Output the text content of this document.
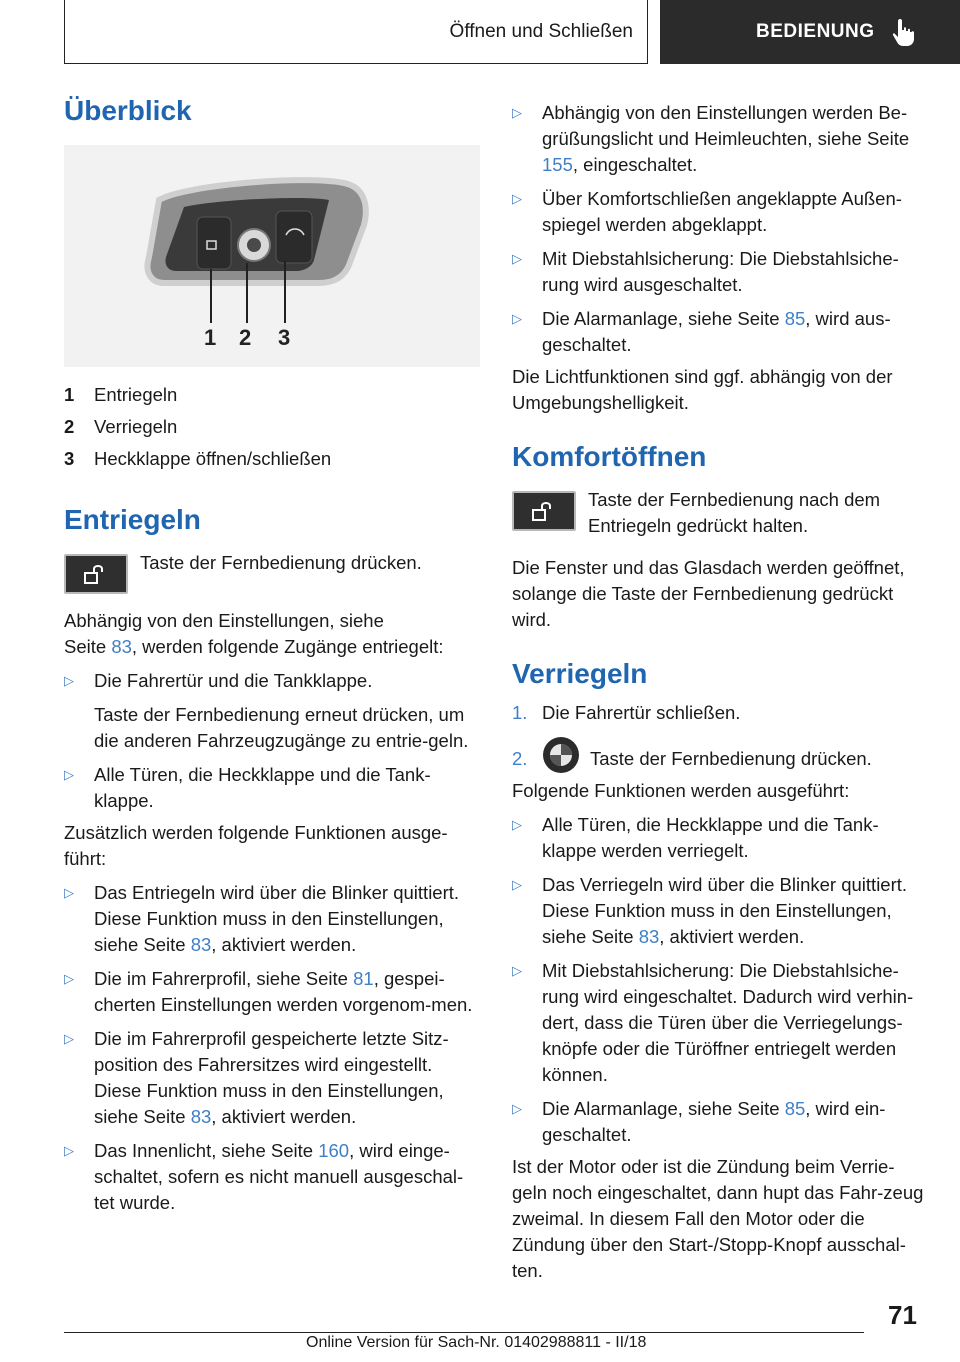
Öffnen und Schließen	BEDIENUNG
Überblick
1 2 3
1	Entriegeln
2	Verriegeln
3	Heckklappe öffnen/schließen
Entriegeln

Taste der Fernbedienung drücken.

Abhängig von den Einstellungen, siehe
Seite 83, werden folgende Zugänge entriegelt:

▷	Die Fahrertür und die Tankklappe.

Taste der Fernbedienung erneut drücken, um die anderen Fahrzeugzugänge zu entrie-geln.

▷	Alle Türen, die Heckklappe und die Tank-klappe.

Zusätzlich werden folgende Funktionen ausge-führt:

▷	Das Entriegeln wird über die Blinker quittiert. Diese Funktion muss in den Einstellungen, siehe Seite 83, aktiviert werden.

▷	Die im Fahrerprofil, siehe Seite 81, gespei-cherten Einstellungen werden vorgenom-men.

▷	Die im Fahrerprofil gespeicherte letzte Sitz-position des Fahrersitzes wird eingestellt. Diese Funktion muss in den Einstellungen, siehe Seite 83, aktiviert werden.

▷	Das Innenlicht, siehe Seite 160, wird einge-schaltet, sofern es nicht manuell ausgeschal-tet wurde.

▷	Abhängig von den Einstellungen werden Be-grüßungslicht und Heimleuchten, siehe Seite 155, eingeschaltet.

▷	Über Komfortschließen angeklappte Außen-spiegel werden abgeklappt.

▷	Mit Diebstahlsicherung: Die Diebstahlsiche-rung wird ausgeschaltet.

▷	Die Alarmanlage, siehe Seite 85, wird aus-geschaltet.

Die Lichtfunktionen sind ggf. abhängig von der Umgebungshelligkeit.

Komfortöffnen

Taste der Fernbedienung nach dem Entriegeln gedrückt halten.

Die Fenster und das Glasdach werden geöffnet, solange die Taste der Fernbedienung gedrückt wird.

Verriegeln
1. Die Fahrertür schließen.

2.	Taste der Fernbedienung drücken.

Folgende Funktionen werden ausgeführt:

▷	Alle Türen, die Heckklappe und die Tank-klappe werden verriegelt.

▷	Das Verriegeln wird über die Blinker quittiert. Diese Funktion muss in den Einstellungen, siehe Seite 83, aktiviert werden.

▷	Mit Diebstahlsicherung: Die Diebstahlsiche-rung wird eingeschaltet. Dadurch wird verhin-dert, dass die Türen über die Verriegelungs-knöpfe oder die Türöffner entriegelt werden können.

▷	Die Alarmanlage, siehe Seite 85, wird ein-geschaltet.

Ist der Motor oder ist die Zündung beim Verrie-geln noch eingeschaltet, dann hupt das Fahr-zeug zweimal. In diesem Fall den Motor oder die Zündung über den Start-/Stopp-Knopf ausschal-ten.

71
Online Version für Sach-Nr. 01402988811 - II/18
